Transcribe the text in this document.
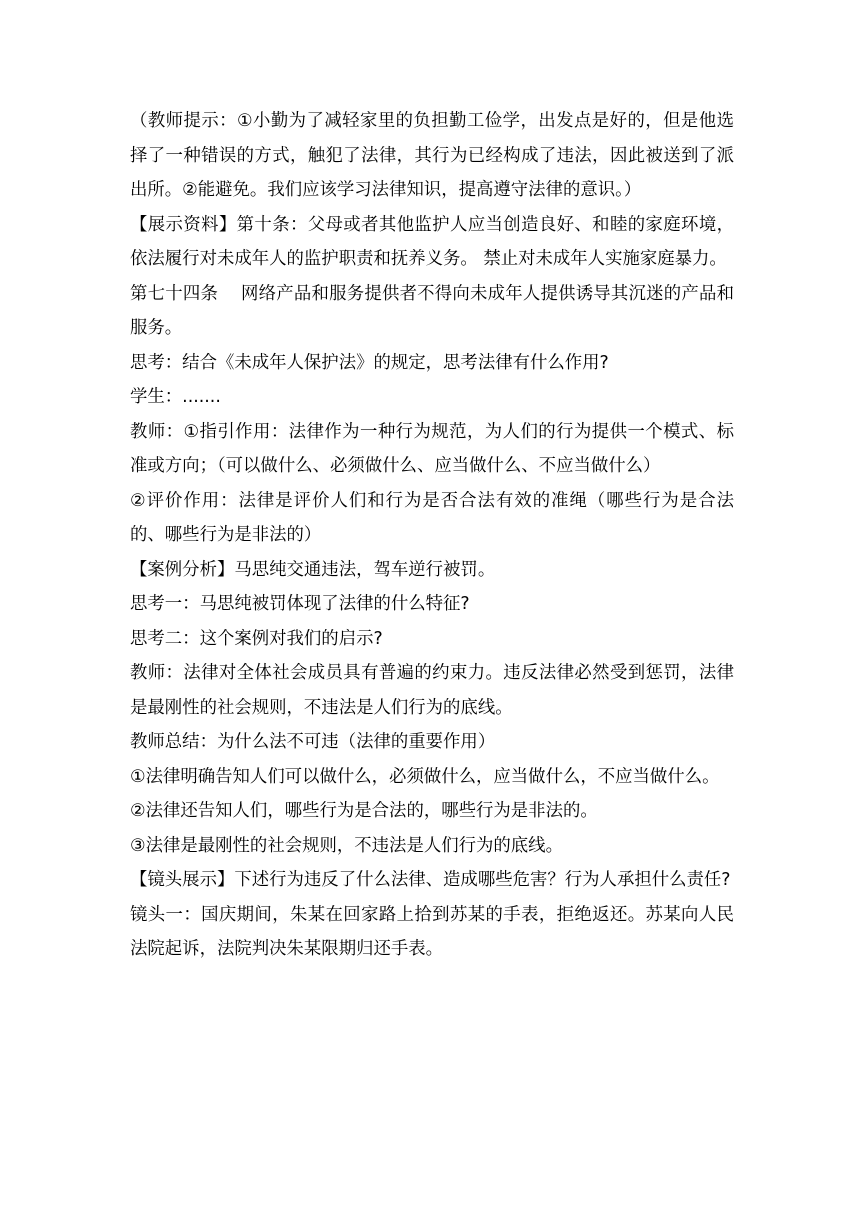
（教师提示：①小勤为了减轻家里的负担勤工俭学，出发点是好的，但是他选择了一种错误的方式，触犯了法律，其行为已经构成了违法，因此被送到了派出所。②能避免。我们应该学习法律知识，提高遵守法律的意识。）

【展示资料】第十条：父母或者其他监护人应当创造良好、和睦的家庭环境，依法履行对未成年人的监护职责和抚养义务。 禁止对未成年人实施家庭暴力。

第七十四条    网络产品和服务提供者不得向未成年人提供诱导其沉迷的产品和服务。

思考：结合《未成年人保护法》的规定，思考法律有什么作用?

学生：.......

教师：①指引作用：法律作为一种行为规范，为人们的行为提供一个模式、标准或方向；（可以做什么、必须做什么、应当做什么、不应当做什么）

②评价作用：法律是评价人们和行为是否合法有效的准绳（哪些行为是合法的、哪些行为是非法的）

【案例分析】马思纯交通违法，驾车逆行被罚。

思考一：马思纯被罚体现了法律的什么特征?

思考二：这个案例对我们的启示?

教师：法律对全体社会成员具有普遍的约束力。违反法律必然受到惩罚，法律是最刚性的社会规则，不违法是人们行为的底线。

教师总结：为什么法不可违（法律的重要作用）

①法律明确告知人们可以做什么，必须做什么，应当做什么，不应当做什么。

②法律还告知人们，哪些行为是合法的，哪些行为是非法的。

③法律是最刚性的社会规则，不违法是人们行为的底线。

【镜头展示】下述行为违反了什么法律、造成哪些危害？行为人承担什么责任?

镜头一：国庆期间，朱某在回家路上拾到苏某的手表，拒绝返还。苏某向人民法院起诉，法院判决朱某限期归还手表。
